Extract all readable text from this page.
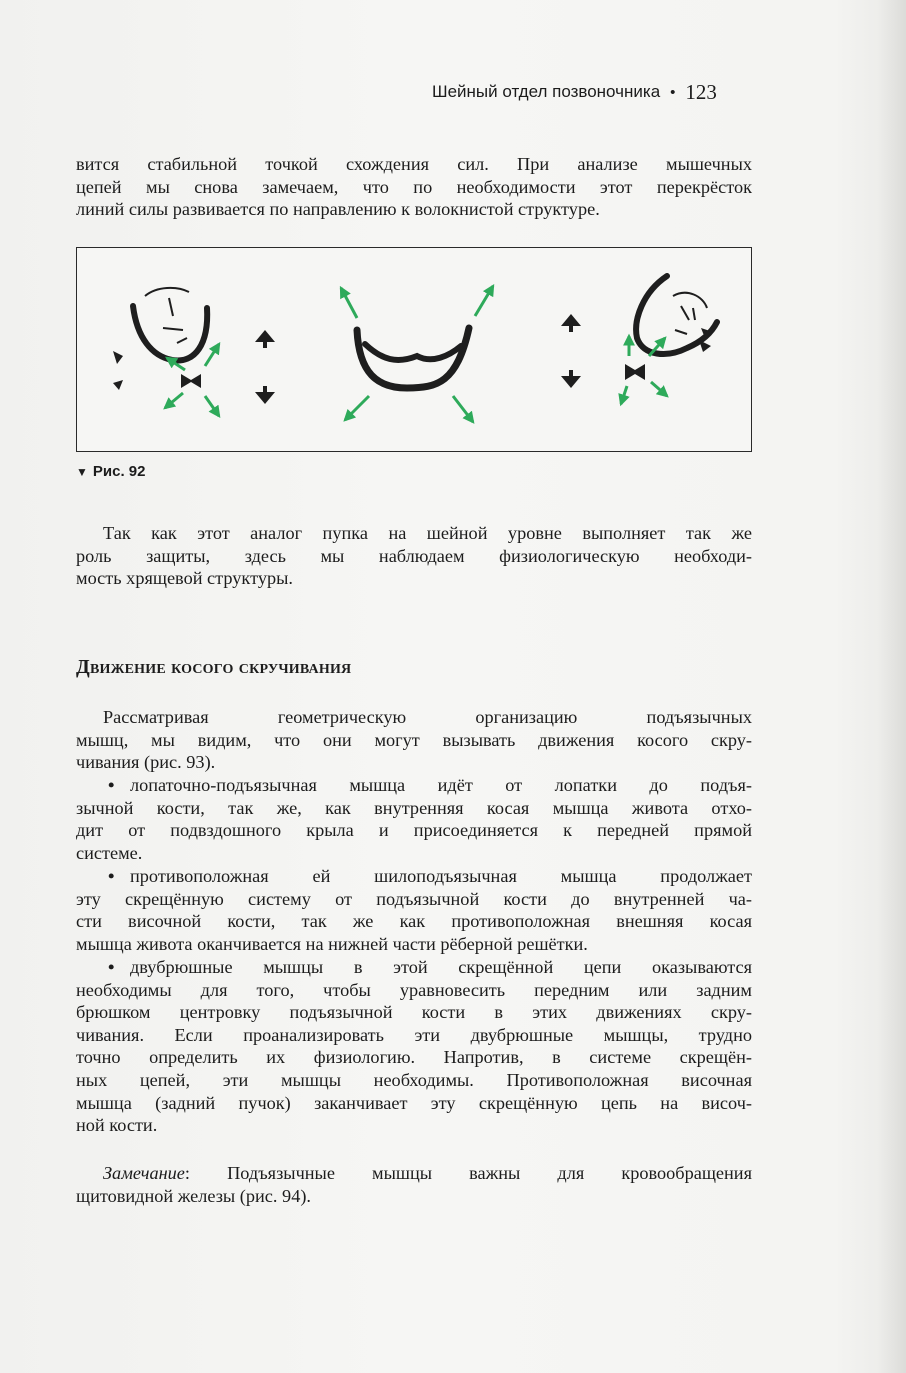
Шейный отдел позвоночника • 123

вится стабильной точкой схождения сил. При анализе мышечных
цепей мы снова замечаем, что по необходимости этот перекрёсток
линий силы развивается по направлению к волокнистой структуре.

▼ Рис. 92

Так как этот аналог пупка на шейной уровне выполняет так же
роль защиты, здесь мы наблюдаем физиологическую необходи-
мость хрящевой структуры.

Движение косого скручивания

Рассматривая геометрическую организацию подъязычных
мышц, мы видим, что они могут вызывать движения косого скру-
чивания (рис. 93).

• лопаточно-подъязычная мышца идёт от лопатки до подъя-
зычной кости, так же, как внутренняя косая мышца живота отхо-
дит от подвздошного крыла и присоединяется к передней прямой
системе.

• противоположная ей шилоподъязычная мышца продолжает
эту скрещённую систему от подъязычной кости до внутренней ча-
сти височной кости, так же как противоположная внешняя косая
мышца живота оканчивается на нижней части рёберной решётки.

• двубрюшные мышцы в этой скрещённой цепи оказываются
необходимы для того, чтобы уравновесить передним или задним
брюшком центровку подъязычной кости в этих движениях скру-
чивания. Если проанализировать эти двубрюшные мышцы, трудно
точно определить их физиологию. Напротив, в системе скрещён-
ных цепей, эти мышцы необходимы. Противоположная височная
мышца (задний пучок) заканчивает эту скрещённую цепь на височ-
ной кости.

Замечание: Подъязычные мышцы важны для кровообращения
щитовидной железы (рис. 94).
